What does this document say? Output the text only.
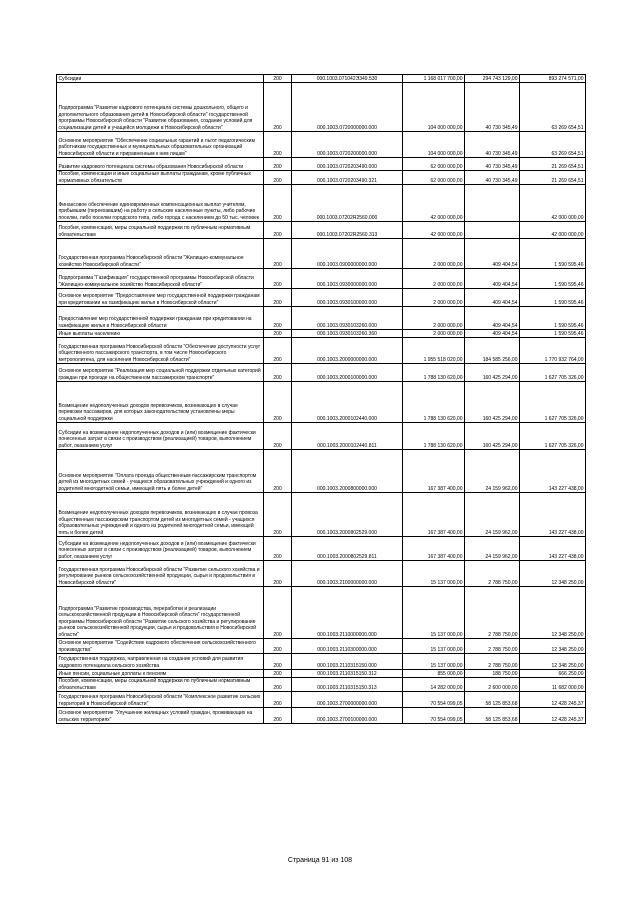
Субсидии	200	000.1003.071042Э349.530	1 168 017 700,00	294 743 129,00	893 274 571,00
Подпрограмма "Развитие кадрового потенциала системы дошкольного, общего и дополнительного образования детей в Новосибирской области" государственной программы Новосибирской области "Развитие образования, создание условий для социализации детей и учащейся молодежи в Новосибирской области"	200	000.1003.0720000000.000	104 000 000,00	40 730 345,49	63 269 654,51
Основное мероприятие "Обеспечение социальных гарантий и льгот педагогическим работникам государственных и муниципальных образовательных организаций Новосибирской области и приравненным к ним лицам"	200	000.1003.0720200000.000	104 000 000,00	40 730 345,49	63 269 654,51
Развитие кадрового потенциала системы образования Новосибирской области	200	000.1003.0720203490.000	62 000 000,00	40 730 345,49	21 269 654,51
Пособия, компенсации и иные социальные выплаты гражданам, кроме публичных нормативных обязательств	200	000.1003.0720203490.321	62 000 000,00	40 730 345,49	21 269 654,51
Финансовое обеспечение единовременных компенсационных выплат учителям, прибывшим (переехавшим) на работу в сельские населенные пункты, либо рабочие поселки, либо поселки городского типа, либо города с населением до 50 тыс. человек	200	000.1003.07202R2560.000	42 000 000,00		42 000 000,00
Пособия, компенсации, меры социальной поддержки по публичным нормативным обязательствам	200	000.1003.07202R2560.313	42 000 000,00		42 000 000,00
Государственная программа Новосибирской области "Жилищно-коммунальное хозяйство Новосибирской области"	200	000.1003.0900000000.000	2 000 000,00	409 404,54	1 590 595,46
Подпрограмма "Газификация" государственной программы Новосибирской области "Жилищно-коммунальное хозяйство Новосибирской области"	200	000.1003.0930000000.000	2 000 000,00	409 404,54	1 590 595,46
Основное мероприятие "Предоставление мер государственной поддержки гражданам при кредитовании на газификацию жилья в Новосибирской области"	200	000.1003.0930100000.000	2 000 000,00	409 404,54	1 590 595,46
Предоставление мер государственной поддержки гражданам при кредитовании на газификацию жилья в Новосибирской области	200	000.1003.0930103260.000	2 000 000,00	409 404,54	1 590 595,46
Иные выплаты населению	200	000.1003.0930103260.360	2 000 000,00	409 404,54	1 590 595,46
Государственная программа Новосибирской области "Обеспечение доступности услуг общественного пассажирского транспорта, в том числе Новосибирского метрополитена, для населения Новосибирской области"	200	000.1003.2000000000.000	1 955 518 020,00	184 585 256,00	1 770 932 764,00
Основное мероприятие "Реализация мер социальной поддержки отдельных категорий граждан при проезде на общественном пассажирском транспорте"	200	000.1003.2000100000.000	1 788 130 620,00	160 425 294,00	1 627 705 326,00
Возмещение недополученных доходов перевозчиков, возникающих в случае перевозки пассажиров, для которых законодательством установлены меры социальной поддержки	200	000.1003.2000102440.000	1 788 130 620,00	160 425 294,00	1 627 705 326,00
Субсидии на возмещение недополученных доходов и (или) возмещение фактически понесенных затрат в связи с производством (реализацией) товаров, выполнением работ, оказанием услуг	200	000.1003.2000102440.811	1 788 130 620,00	160 425 294,00	1 627 705 326,00
Основное мероприятие "Оплата проезда общественным пассажирским транспортом детей из многодетных семей - учащихся образовательных учреждений и одного из родителей многодетной семьи, имеющей пять и более детей"	200	000.1003.2000800000.000	167 387 400,00	24 159 962,00	143 227 438,00
Возмещение недополученных доходов перевозчиков, возникающих в случае провоза общественным пассажирским транспортом детей из многодетных семей - учащихся образовательных учреждений и одного из родителей многодетной семьи, имеющей пять и более детей	200	000.1003.2000802529.000	167 387 400,00	24 159 962,00	143 227 438,00
Субсидии на возмещение недополученных доходов и (или) возмещение фактически понесенных затрат в связи с производством (реализацией) товаров, выполнением работ, оказанием услуг	200	000.1003.2000802529.811	167 387 400,00	24 159 962,00	143 227 438,00
Государственная программа Новосибирской области "Развитие сельского хозяйства и регулирование рынков сельскохозяйственной продукции, сырья и продовольствия в Новосибирской области"	200	000.1003.2100000000.000	15 137 000,00	2 788 750,00	12 348 250,00
Подпрограмма "Развитие производства, переработки и реализации сельскохозяйственной продукции в Новосибирской области" государственной программы Новосибирской области "Развитие сельского хозяйства и регулирование рынков сельскохозяйственной продукции, сырья и продовольствия в Новосибирской области"	200	000.1003.2110000000.000	15 137 000,00	2 788 750,00	12 348 250,00
Основное мероприятие "Содействие кадрового обеспечения сельскохозяйственного производства"	200	000.1003.2110300000.000	15 137 000,00	2 788 750,00	12 348 250,00
Государственная поддержка, направленная на создание условий для развития кадрового потенциала сельского хозяйства	200	000.1003.2110315150.000	15 137 000,00	2 788 750,00	12 348 250,00
Иные пенсии, социальные доплаты к пенсиям	200	000.1003.2110315150.312	855 000,00	188 750,00	666 250,00
Пособия, компенсации, меры социальной поддержки по публичным нормативным обязательствам	200	000.1003.2110315150.313	14 282 000,00	2 600 000,00	11 682 000,00
Государственная программа Новосибирской области "Комплексное развитие сельских территорий в Новосибирской области"	200	000.1003.2700000000.000	70 554 099,05	58 125 853,68	12 428 245,37
Основное мероприятие "Улучшение жилищных условий граждан, проживающих на сельских территориях"	200	000.1003.2700100000.000	70 554 099,05	58 125 853,68	12 428 245,37
Страница 91 из 108
